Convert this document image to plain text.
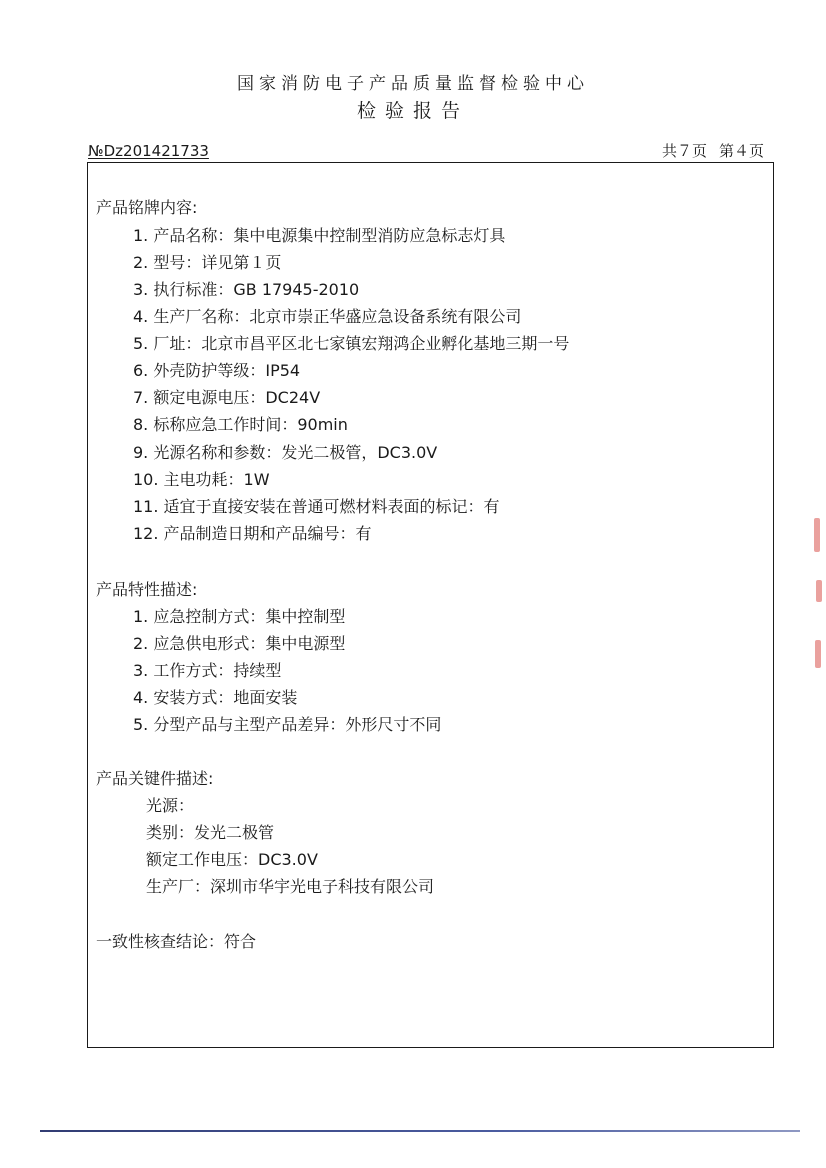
国家消防电子产品质量监督检验中心
检验报告
№Dz201421733	共７页 第４页
产品铭牌内容:
1. 产品名称：集中电源集中控制型消防应急标志灯具
2. 型号：详见第１页
3. 执行标准：GB 17945-2010
4. 生产厂名称：北京市崇正华盛应急设备系统有限公司
5. 厂址：北京市昌平区北七家镇宏翔鸿企业孵化基地三期一号
6. 外壳防护等级：IP54
7. 额定电源电压：DC24V
8. 标称应急工作时间：90min
9. 光源名称和参数：发光二极管，DC3.0V
10. 主电功耗：1W
11. 适宜于直接安装在普通可燃材料表面的标记：有
12. 产品制造日期和产品编号：有
产品特性描述:
1. 应急控制方式：集中控制型
2. 应急供电形式：集中电源型
3. 工作方式：持续型
4. 安装方式：地面安装
5. 分型产品与主型产品差异：外形尺寸不同
产品关键件描述:
光源：
类别：发光二极管
额定工作电压：DC3.0V
生产厂：深圳市华宇光电子科技有限公司
一致性核查结论：符合
